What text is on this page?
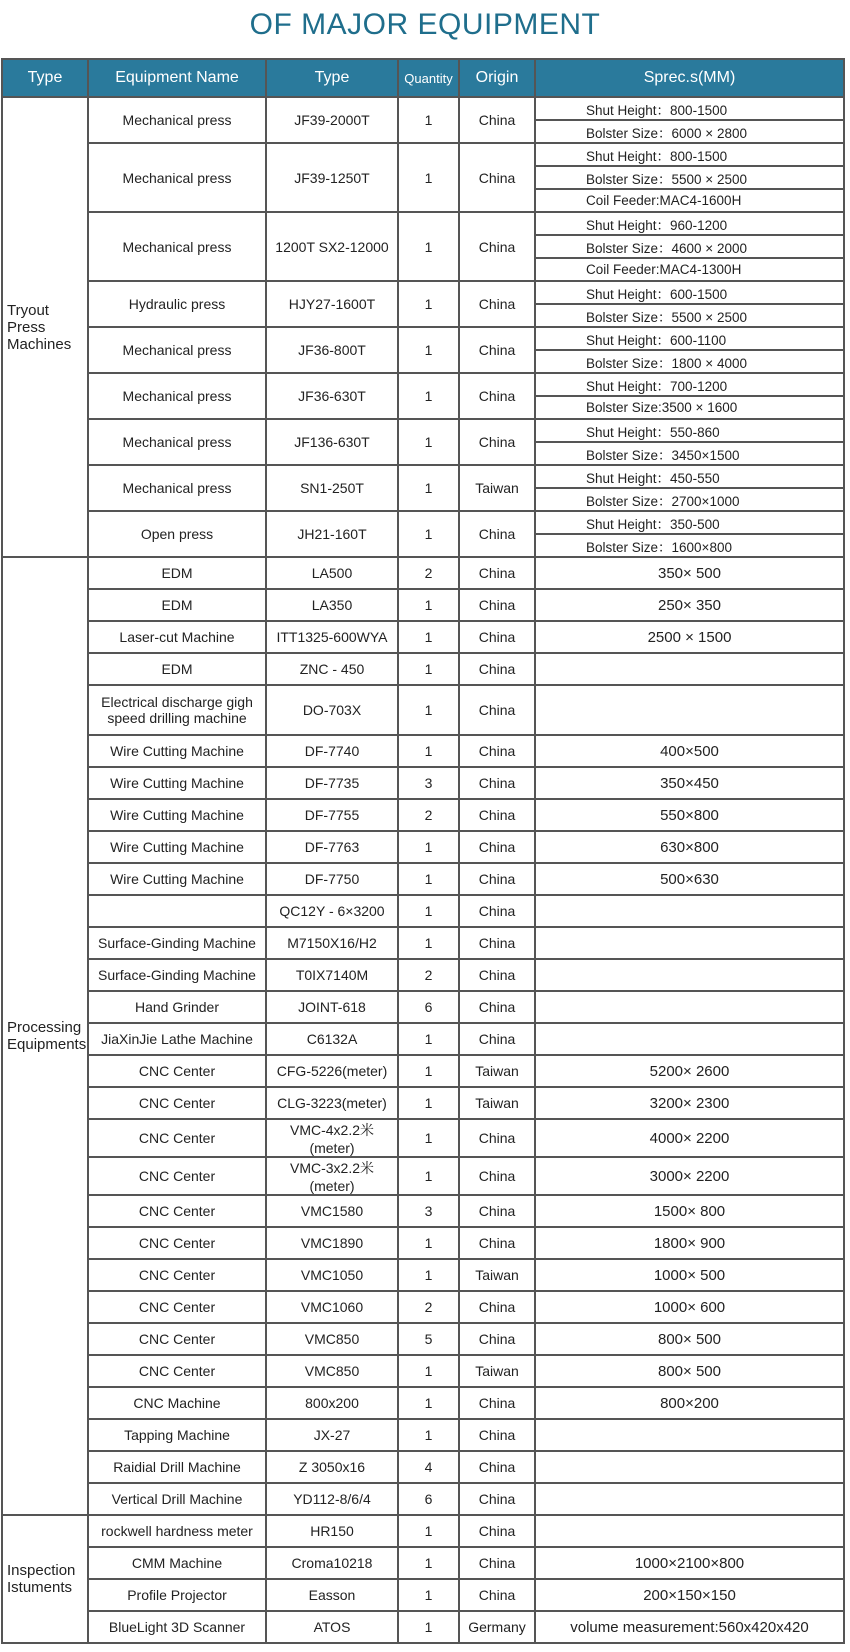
OF MAJOR EQUIPMENT
Type	Equipment Name	Type	Quantity	Origin	Sprec.s(MM)
Tryout
Press
Machines	Mechanical press	JF39-2000T	1	China	Shut Height：800-1500
					Bolster Size：6000 × 2800
	Mechanical press	JF39-1250T	1	China	Shut Height：800-1500
					Bolster Size：5500 × 2500
					Coil Feeder:MAC4-1600H
	Mechanical press	1200T SX2-12000	1	China	Shut Height：960-1200
					Bolster Size：4600 × 2000
					Coil Feeder:MAC4-1300H
	Hydraulic press	HJY27-1600T	1	China	Shut Height：600-1500
					Bolster Size：5500 × 2500
	Mechanical press	JF36-800T	1	China	Shut Height：600-1100
					Bolster Size：1800 × 4000
	Mechanical press	JF36-630T	1	China	Shut Height：700-1200
					Bolster Size:3500 × 1600
	Mechanical press	JF136-630T	1	China	Shut Height：550-860
					Bolster Size：3450×1500
	Mechanical press	SN1-250T	1	Taiwan	Shut Height：450-550
					Bolster Size：2700×1000
	Open press	JH21-160T	1	China	Shut Height：350-500
					Bolster Size：1600×800
Processing
Equipments	EDM	LA500	2	China	350× 500
	EDM	LA350	1	China	250× 350
	Laser-cut Machine	ITT1325-600WYA	1	China	2500 × 1500
	EDM	ZNC - 450	1	China	
	Electrical discharge gigh speed drilling machine	DO-703X	1	China	
	Wire Cutting Machine	DF-7740	1	China	400×500
	Wire Cutting Machine	DF-7735	3	China	350×450
	Wire Cutting Machine	DF-7755	2	China	550×800
	Wire Cutting Machine	DF-7763	1	China	630×800
	Wire Cutting Machine	DF-7750	1	China	500×630
		QC12Y - 6×3200	1	China	
	Surface-Ginding Machine	M7150X16/H2	1	China	
	Surface-Ginding Machine	T0IX7140M	2	China	
	Hand Grinder	JOINT-618	6	China	
	JiaXinJie Lathe Machine	C6132A	1	China	
	CNC Center	CFG-5226(meter)	1	Taiwan	5200× 2600
	CNC Center	CLG-3223(meter)	1	Taiwan	3200× 2300
	CNC Center	VMC-4x2.2米(meter)	1	China	4000× 2200
	CNC Center	VMC-3x2.2米(meter)	1	China	3000× 2200
	CNC Center	VMC1580	3	China	1500× 800
	CNC Center	VMC1890	1	China	1800× 900
	CNC Center	VMC1050	1	Taiwan	1000× 500
	CNC Center	VMC1060	2	China	1000× 600
	CNC Center	VMC850	5	China	800× 500
	CNC Center	VMC850	1	Taiwan	800× 500
	CNC Machine	800x200	1	China	800×200
	Tapping Machine	JX-27	1	China	
	Raidial Drill Machine	Z 3050x16	4	China	
	Vertical Drill Machine	YD112-8/6/4	6	China	
Inspection
Istuments	rockwell hardness meter	HR150	1	China	
	CMM Machine	Croma10218	1	China	1000×2100×800
	Profile Projector	Easson	1	China	200×150×150
	BlueLight 3D Scanner	ATOS	1	Germany	volume measurement:560x420x420
